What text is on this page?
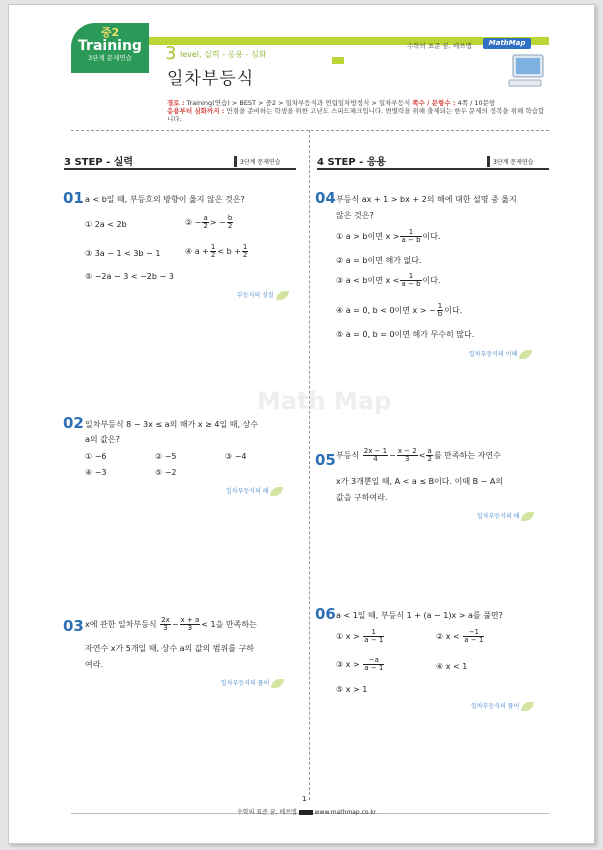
중2
Training
3단계 문제연습	3 level, 실력 - 응용 - 심화
일차부등식
수학의 표준 꿈, 매쓰맵	MathMap
경로 : Training(연습) > BEST > 중2 > 일차부등식과 연립일차방정식 > 일차부등식 쪽수 / 문항수 : 4쪽 / 10문항
응용부터 심화까지 : 만점을 준비하는 학생을 위한 고난도 스피드체크입니다. 변별력을 위해 출제되는 한두 문제의 정복을 위해 학습합니다.
3 STEP - 실력	3단계 문제연습	4 STEP - 응용	3단계 문제연습
01 a < b일 때, 부등호의 방향이 옳지 않은 것은?
① 2a < 2b	② − $\frac{a}{2}$ > − $\frac{b}{2}$
③ 3a − 1 < 3b − 1	④ $a + \frac{1}{2} < b + \frac{1}{2}$
⑤ −2a − 3 < −2b − 3
부등식의 성질
02 일차부등식 8 − 3x ≤ a의 해가 x ≥ 4일 때, 상수
a의 값은?
① −6	② −5	③ −4
④ −3	⑤ −2
일차부등식의 해
03 x에 관한 일차부등식 $\frac{2x}{3} - \frac{x + a}{3} < 1$을 만족하는
자연수 x가 5개일 때, 상수 a의 값의 범위를 구하
여라.
일차부등식의 풀이
04 부등식 ax + 1 > bx + 2의 해에 대한 설명 중 옳지
않은 것은?
① a > b이면 $x > \frac{1}{a - b}$ 이다.
② a = b이면 해가 없다.
③ a < b이면 $x < \frac{1}{a - b}$ 이다.
④ a = 0, b < 0이면 x > − $\frac{1}{b}$ 이다.
⑤ a = 0, b = 0이면 해가 무수히 많다.
일차부등식의 이해
05 부등식 $\frac{2x - 1}{4} - \frac{x - 2}{3} < \frac{a}{2}$ 를 만족하는 자연수
x가 3개뿐일 때, A < a ≤ B이다. 이때 B − A의
값을 구하여라.
일차부등식의 해
06 a < 1일 때, 부등식 1 + (a − 1)x > a를 풀면?
① $x > \frac{1}{a - 1}$	② $x < \frac{-1}{a - 1}$
③ $x > \frac{-a}{a - 1}$	④ x < 1
⑤ x > 1
일차부등식의 풀이
Math Map
1
수학의 표준 꿈, 매쓰맵	www.mathmap.co.kr
